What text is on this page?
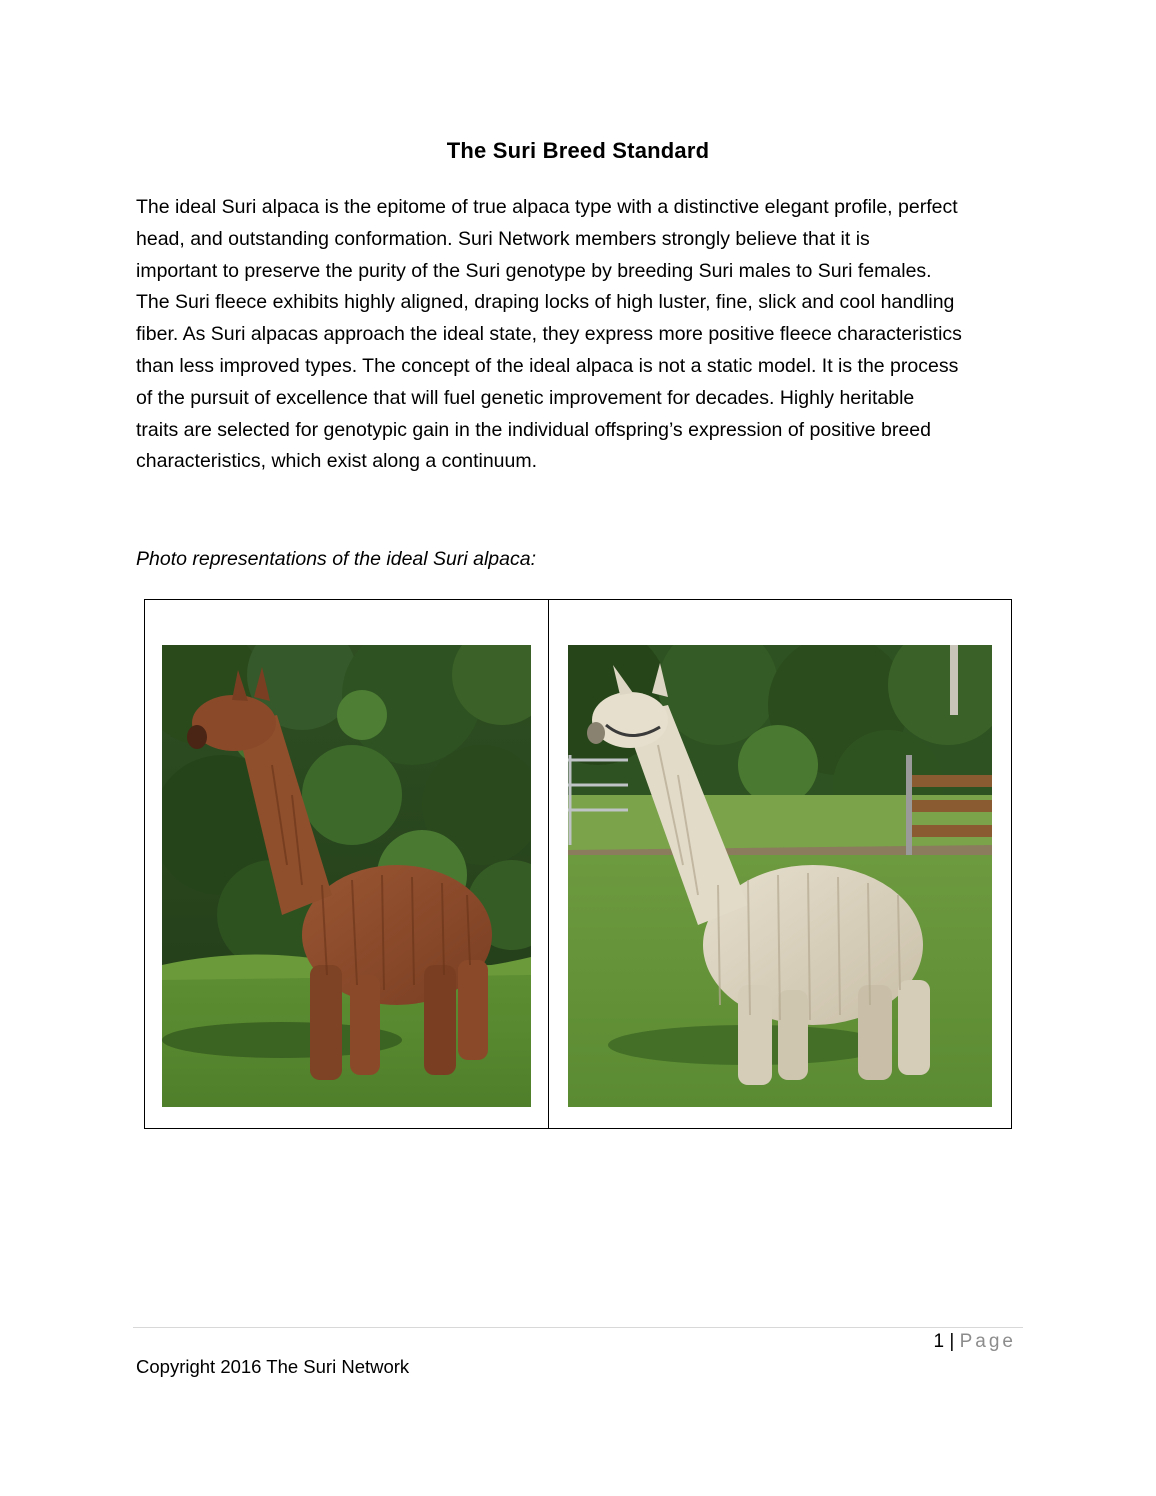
The Suri Breed Standard

The ideal Suri alpaca is the epitome of true alpaca type with a distinctive elegant profile, perfect
head, and outstanding conformation. Suri Network members strongly believe that it is
important to preserve the purity of the Suri genotype by breeding Suri males to Suri females.
The Suri fleece exhibits highly aligned, draping locks of high luster, fine, slick and cool handling
fiber. As Suri alpacas approach the ideal state, they express more positive fleece characteristics
than less improved types. The concept of the ideal alpaca is not a static model. It is the process
of the pursuit of excellence that will fuel genetic improvement for decades. Highly heritable
traits are selected for genotypic gain in the individual offspring’s expression of positive breed
characteristics, which exist along a continuum.

Photo representations of the ideal Suri alpaca:
1 | Page
Copyright 2016 The Suri Network
